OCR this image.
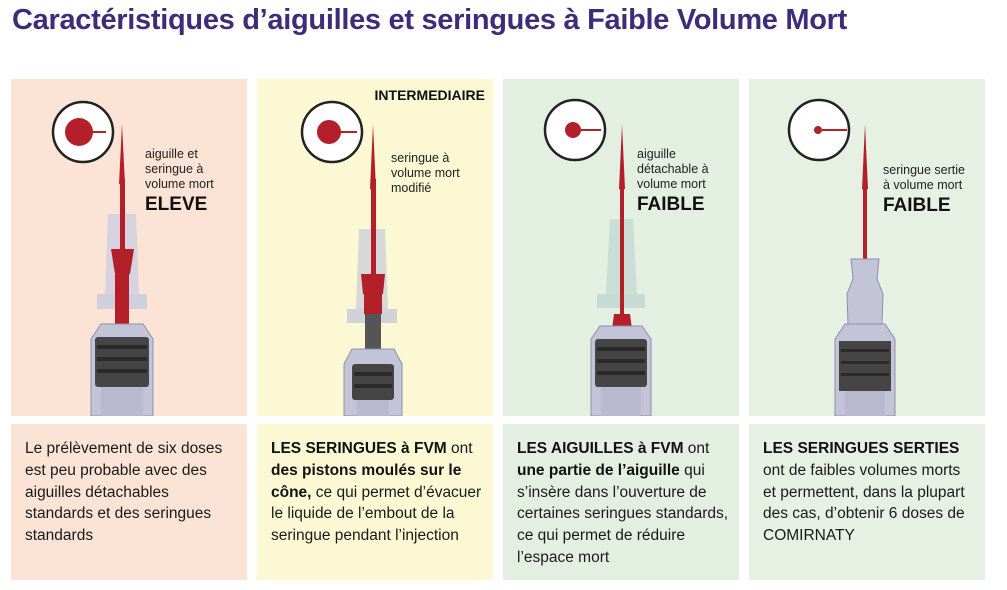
Caractéristiques d’aiguilles et seringues à Faible Volume Mort
aiguille et
seringue à
volume mort
ELEVE
Le prélèvement de six doses est peu probable avec des aiguilles détachables standards et des seringues standards
INTERMEDIAIRE
seringue à
volume mort
modifié
LES SERINGUES à FVM ont des pistons moulés sur le cône, ce qui permet d’évacuer le liquide de l’embout de la seringue pendant l’injection
aiguille
détachable à
volume mort
FAIBLE
LES AIGUILLES à FVM ont une partie de l’aiguille qui s’insère dans l’ouverture de certaines seringues standards, ce qui permet de réduire l’espace mort
seringue sertie
à volume mort
FAIBLE
LES SERINGUES SERTIES ont de faibles volumes morts et permettent, dans la plupart des cas, d’obtenir 6 doses de COMIRNATY
